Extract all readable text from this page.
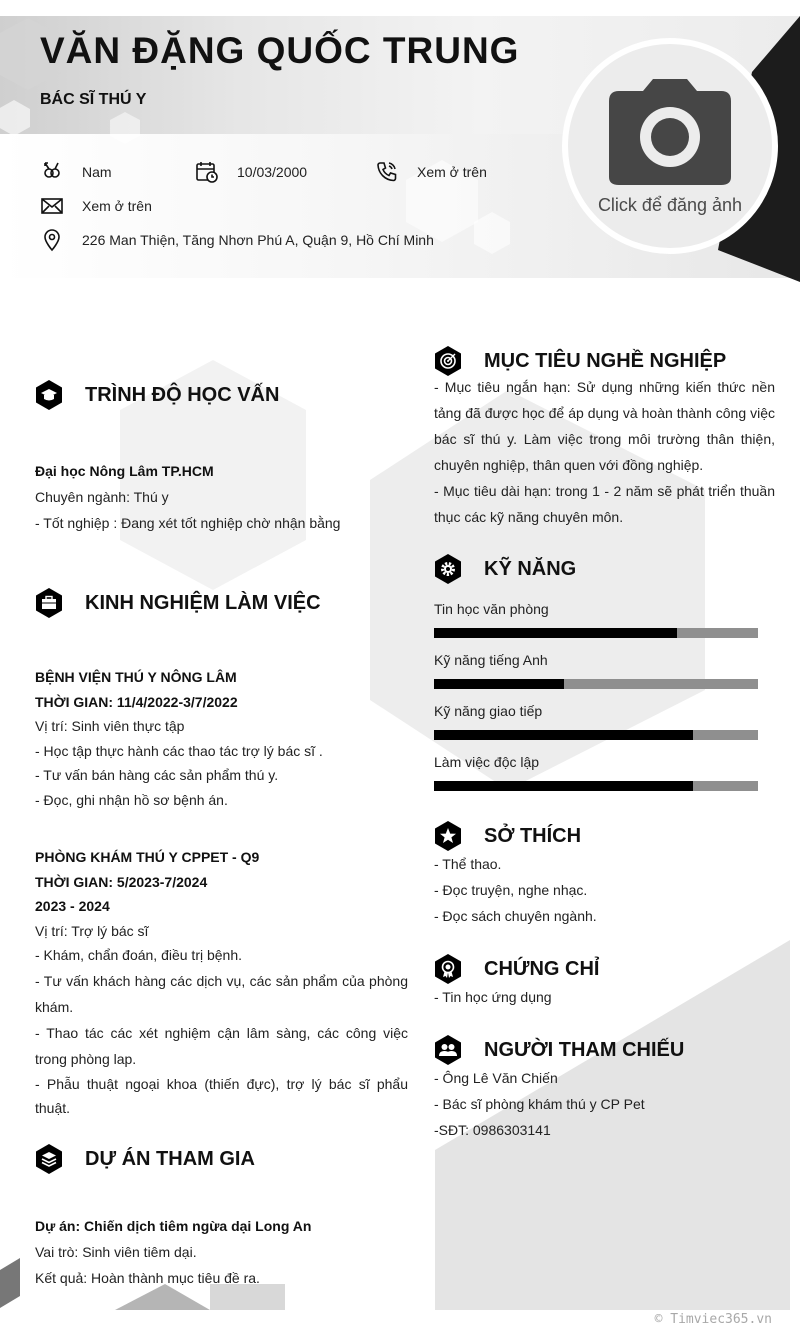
VĂN ĐẶNG QUỐC TRUNG
BÁC SĨ THÚ Y
Nam	10/03/2000	Xem ở trên
Xem ở trên
226 Man Thiện, Tăng Nhơn Phú A, Quận 9, Hồ Chí Minh
Click để đăng ảnh
TRÌNH ĐỘ HỌC VẤN
Đại học Nông Lâm TP.HCM
Chuyên ngành: Thú y
- Tốt nghiệp : Đang xét tốt nghiệp chờ nhận bằng
KINH NGHIỆM LÀM VIỆC
BỆNH VIỆN THÚ Y NÔNG LÂM
THỜI GIAN: 11/4/2022-3/7/2022
Vị trí: Sinh viên thực tập
- Học tập thực hành các thao tác trợ lý bác sĩ .
- Tư vấn bán hàng các sản phẩm thú y.
- Đọc, ghi nhận hồ sơ bệnh án.
PHÒNG KHÁM THÚ Y CPPET - Q9
THỜI GIAN: 5/2023-7/2024
2023 - 2024
Vị trí: Trợ lý bác sĩ
- Khám, chẩn đoán, điều trị bệnh.
- Tư vấn khách hàng các dịch vụ, các sản phẩm của phòng khám.
- Thao tác các xét nghiệm cận lâm sàng, các công việc trong phòng lap.
- Phẫu thuật ngoại khoa (thiến đực), trợ lý bác sĩ phẩu thuật.
DỰ ÁN THAM GIA
Dự án: Chiến dịch tiêm ngừa dại Long An
Vai trò: Sinh viên tiêm dại.
Kết quả: Hoàn thành mục tiêu đề ra.
MỤC TIÊU NGHỀ NGHIỆP
- Mục tiêu ngắn hạn: Sử dụng những kiến thức nền tảng đã được học để áp dụng và hoàn thành công việc bác sĩ thú y. Làm việc trong môi trường thân thiện, chuyên nghiệp, thân quen với đồng nghiệp.
- Mục tiêu dài hạn: trong 1 - 2 năm sẽ phát triển thuần thục các kỹ năng chuyên môn.
KỸ NĂNG
Tin học văn phòng
Kỹ năng tiếng Anh
Kỹ năng giao tiếp
Làm việc độc lập
SỞ THÍCH
- Thể thao.
- Đọc truyện, nghe nhạc.
- Đọc sách chuyên ngành.
CHỨNG CHỈ
- Tin học ứng dụng
NGƯỜI THAM CHIẾU
- Ông Lê Văn Chiến
- Bác sĩ phòng khám thú y CP Pet
-SĐT: 0986303141
© Timviec365.vn
